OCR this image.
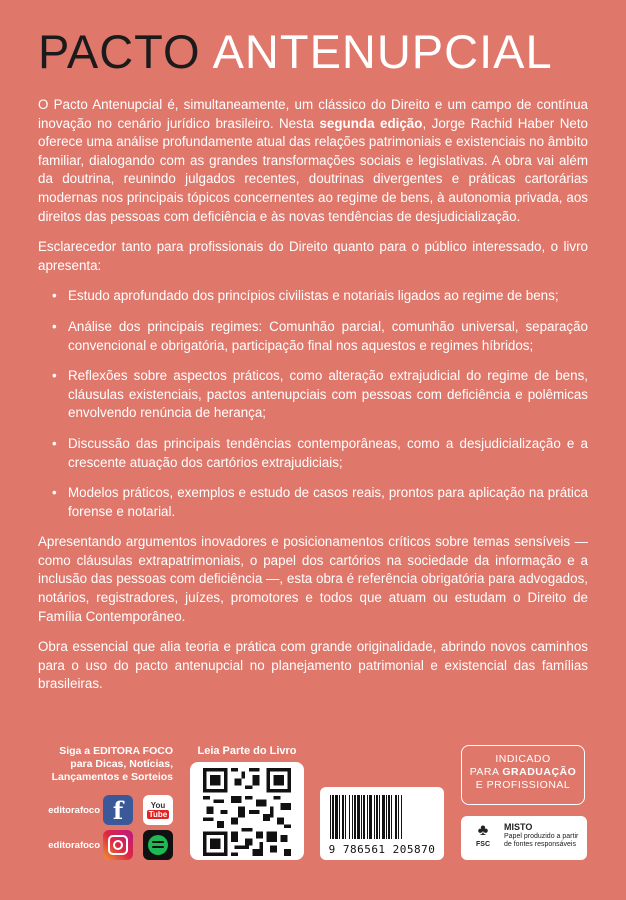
PACTO ANTENUPCIAL

O Pacto Antenupcial é, simultaneamente, um clássico do Direito e um campo de contínua inovação no cenário jurídico brasileiro. Nesta segunda edição, Jorge Rachid Haber Neto oferece uma análise profundamente atual das relações patrimoniais e existenciais no âmbito familiar, dialogando com as grandes transformações sociais e legislativas. A obra vai além da doutrina, reunindo julgados recentes, doutrinas divergentes e práticas cartorárias modernas nos principais tópicos concernentes ao regime de bens, à autonomia privada, aos direitos das pessoas com deficiência e às novas tendências de desjudicialização.

Esclarecedor tanto para profissionais do Direito quanto para o público interessado, o livro apresenta:

• Estudo aprofundado dos princípios civilistas e notariais ligados ao regime de bens;
• Análise dos principais regimes: Comunhão parcial, comunhão universal, separação convencional e obrigatória, participação final nos aquestos e regimes híbridos;
• Reflexões sobre aspectos práticos, como alteração extrajudicial do regime de bens, cláusulas existenciais, pactos antenupciais com pessoas com deficiência e polêmicas envolvendo renúncia de herança;
• Discussão das principais tendências contemporâneas, como a desjudicialização e a crescente atuação dos cartórios extrajudiciais;
• Modelos práticos, exemplos e estudo de casos reais, prontos para aplicação na prática forense e notarial.

Apresentando argumentos inovadores e posicionamentos críticos sobre temas sensíveis — como cláusulas extrapatrimoniais, o papel dos cartórios na sociedade da informação e a inclusão das pessoas com deficiência —, esta obra é referência obrigatória para advogados, notários, registradores, juízes, promotores e todos que atuam ou estudam o Direito de Família Contemporâneo.

Obra essencial que alia teoria e prática com grande originalidade, abrindo novos caminhos para o uso do pacto antenupcial no planejamento patrimonial e existencial das famílias brasileiras.

Siga a EDITORA FOCO
para Dicas, Notícias,
Lançamentos e Sorteios
editorafoco f	You
Tube
editorafoco
Leia Parte do Livro
9 786561 205870
INDICADO
PARA GRADUAÇÃO
E PROFISSIONAL
♣
FSC
MISTO
Papel produzido a partir de fontes responsáveis
